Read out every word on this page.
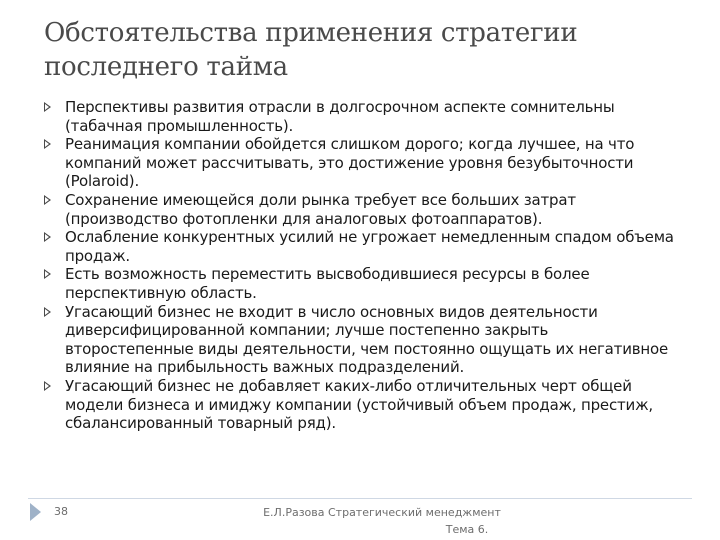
Обстоятельства применения стратегии
последнего тайма
Перспективы развития отрасли в долгосрочном аспекте сомнительны (табачная промышленность).
Реанимация компании обойдется слишком дорого; когда лучшее, на что компаний может рассчитывать, это достижение уровня безубыточности (Polaroid).
Сохранение имеющейся доли рынка требует все больших затрат (производство фотопленки для аналоговых фотоаппаратов).
Ослабление конкурентных усилий не угрожает немедленным спадом объема продаж.
Есть возможность переместить высвободившиеся ресурсы в более перспективную область.
Угасающий бизнес не входит в число основных видов деятельности диверсифицированной компании; лучше постепенно закрыть второстепенные виды деятельности, чем постоянно ощущать их негативное влияние на прибыльность важных подразделений.
Угасающий бизнес не добавляет каких-либо отличительных черт общей модели бизнеса и имиджу компании (устойчивый объем продаж, престиж, сбалансированный товарный ряд).
38	Е.Л.Разова Стратегический менеджмент

Тема 6.
